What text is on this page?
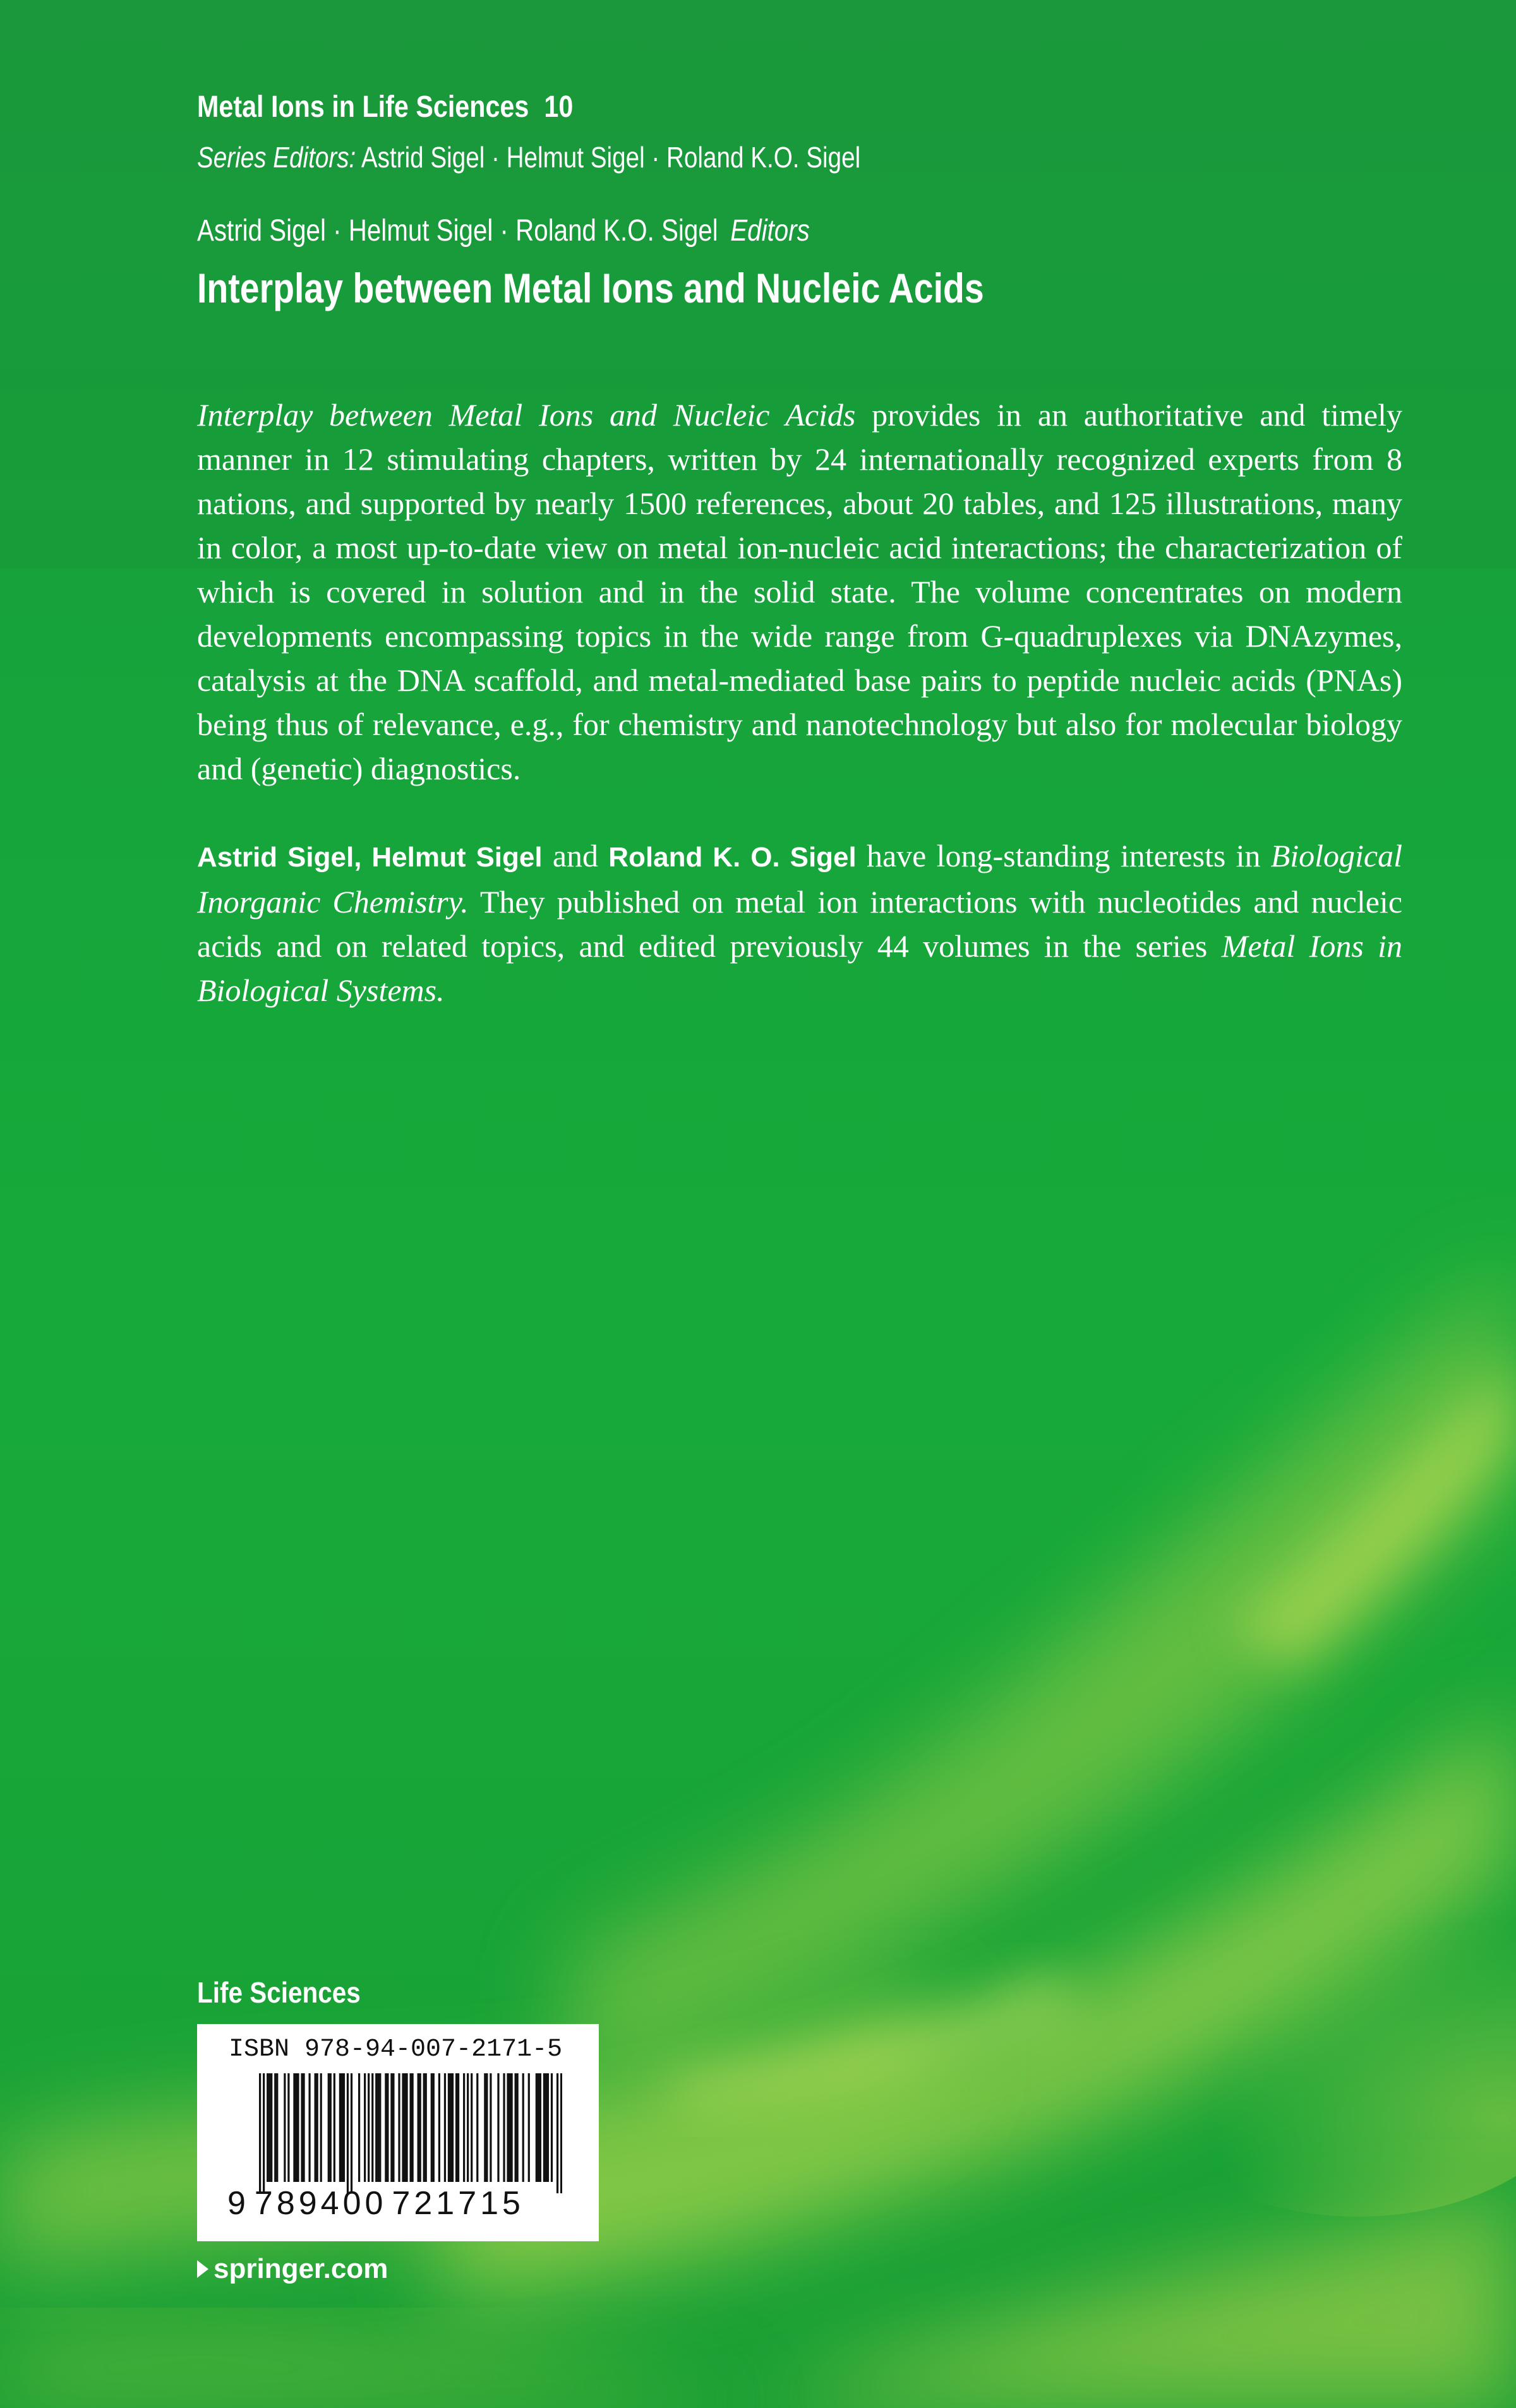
Metal Ions in Life Sciences 10
Series Editors: Astrid Sigel · Helmut Sigel · Roland K.O. Sigel
Astrid Sigel · Helmut Sigel · Roland K.O. Sigel Editors
Interplay between Metal Ions and Nucleic Acids

Interplay between Metal Ions and Nucleic Acids provides in an authoritative and timely manner in 12 stimulating chapters, written by 24 internationally recognized experts from 8 nations, and supported by nearly 1500 references, about 20 tables, and 125 illustrations, many in color, a most up-to-date view on metal ion-nucleic acid interactions; the characterization of which is covered in solution and in the solid state. The volume concentrates on modern developments encompassing topics in the wide range from G-quadruplexes via DNAzymes, catalysis at the DNA scaffold, and metal-mediated base pairs to peptide nucleic acids (PNAs) being thus of relevance, e.g., for chemistry and nanotechnology but also for molecular biology and (genetic) diagnostics.

Astrid Sigel, Helmut Sigel and Roland K. O. Sigel have long-standing interests in Biological Inorganic Chemistry. They published on metal ion interactions with nucleotides and nucleic acids and on related topics, and edited previously 44 volumes in the series Metal Ions in Biological Systems.

Life Sciences
ISBN 978-94-007-2171-5
9 789400 721715
springer.com
